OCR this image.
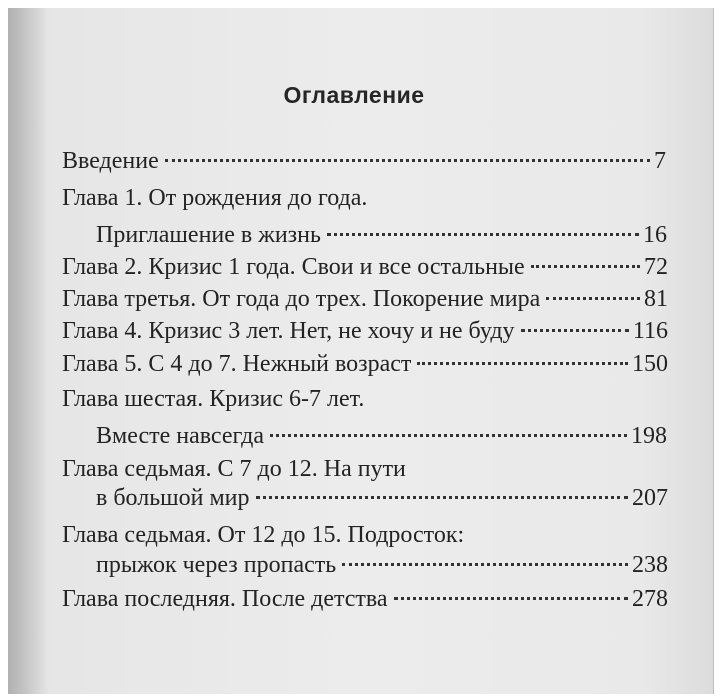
Оглавление
Введение	7
Глава 1. От рождения до года.
Приглашение в жизнь	16
Глава 2. Кризис 1 года. Свои и все остальные	72
Глава третья. От года до трех. Покорение мира	81
Глава 4. Кризис 3 лет. Нет, не хочу и не буду	116
Глава 5. С 4 до 7. Нежный возраст	150
Глава шестая. Кризис 6-7 лет.
Вместе навсегда	198
Глава седьмая. С 7 до 12. На пути
в большой мир	207
Глава седьмая. От 12 до 15. Подросток:
прыжок через пропасть	238
Глава последняя. После детства	278
